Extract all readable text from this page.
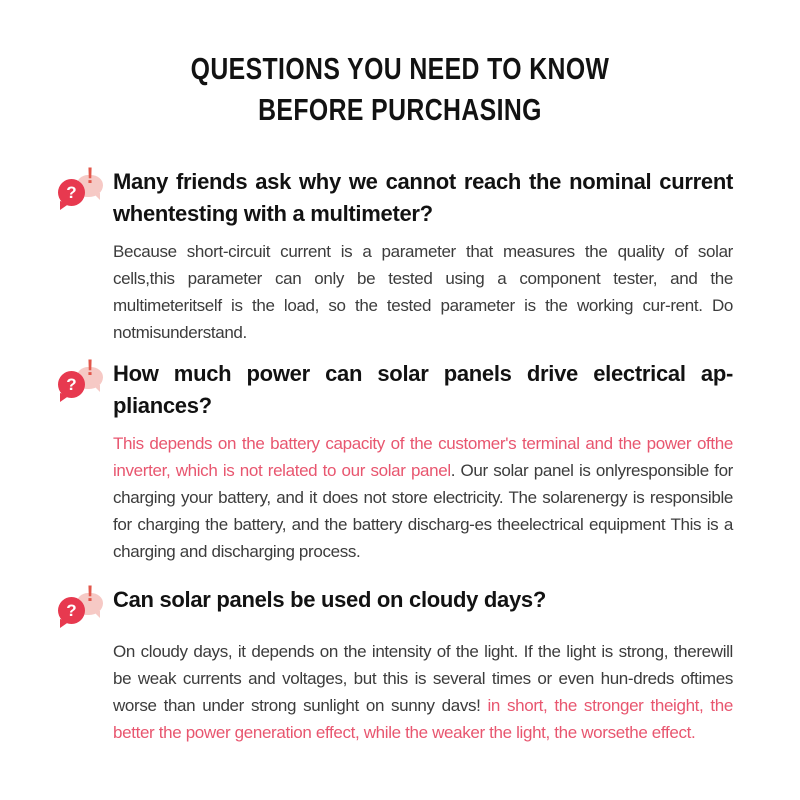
QUESTIONS YOU NEED TO KNOW
BEFORE PURCHASING
!
? Many friends ask why we cannot reach the nominal current whentesting with a multimeter?

Because short-circuit current is a parameter that measures the quality of solar cells,this parameter can only be tested using a component tester, and the multimeteritself is the load, so the tested parameter is the working cur-rent. Do notmisunderstand.

!
? How much power can solar panels drive electrical ap-pliances?

This depends on the battery capacity of the customer's terminal and the power ofthe inverter, which is not related to our solar panel. Our solar panel is onlyresponsible for charging your battery, and it does not store electricity. The solarenergy is responsible for charging the battery, and the battery discharg-es theelectrical equipment This is a charging and discharging process.

!
? Can solar panels be used on cloudy days?

On cloudy days, it depends on the intensity of the light. If the light is strong, therewill be weak currents and voltages, but this is several times or even hun-dreds oftimes worse than under strong sunlight on sunny davs! in short, the stronger theight, the better the power generation effect, while the weaker the light, the worsethe effect.
